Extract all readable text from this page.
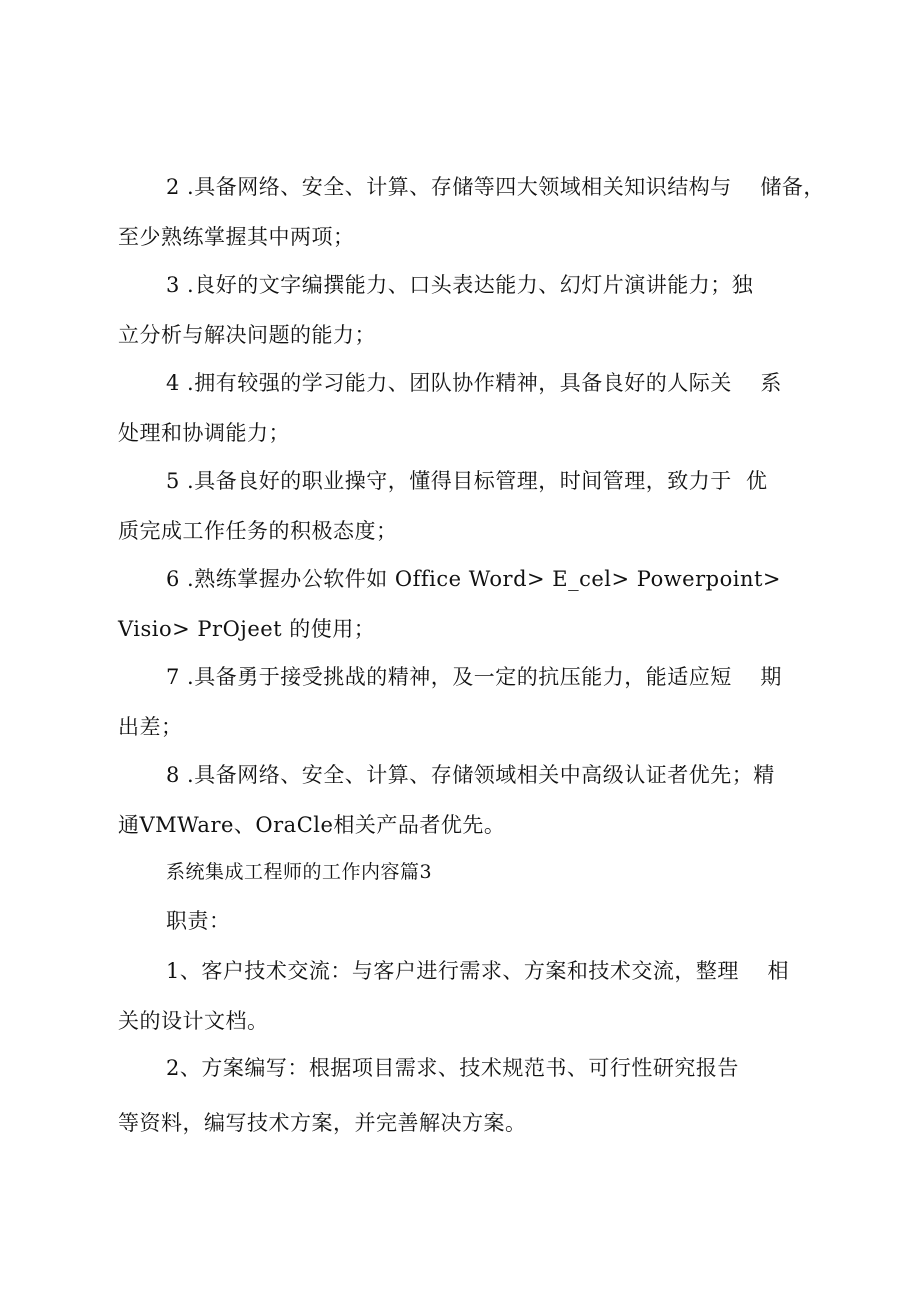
2 .具备网络、安全、计算、存储等四大领域相关知识结构与    储备，

至少熟练掌握其中两项；

3 .良好的文字编撰能力、口头表达能力、幻灯片演讲能力；独

立分析与解决问题的能力；

4 .拥有较强的学习能力、团队协作精神，具备良好的人际关    系

处理和协调能力；

5 .具备良好的职业操守，懂得目标管理，时间管理，致力于  优

质完成工作任务的积极态度；

6 .熟练掌握办公软件如 Office Word> E_cel> Powerpoint>

Visio> PrOjeet 的使用；

7 .具备勇于接受挑战的精神，及一定的抗压能力，能适应短    期

出差；

8 .具备网络、安全、计算、存储领域相关中高级认证者优先；精

通VMWare、OraCle相关产品者优先。

系统集成工程师的工作内容篇3

职责：

1、客户技术交流：与客户进行需求、方案和技术交流，整理    相

关的设计文档。

2、方案编写：根据项目需求、技术规范书、可行性研究报告

等资料，编写技术方案，并完善解决方案。
